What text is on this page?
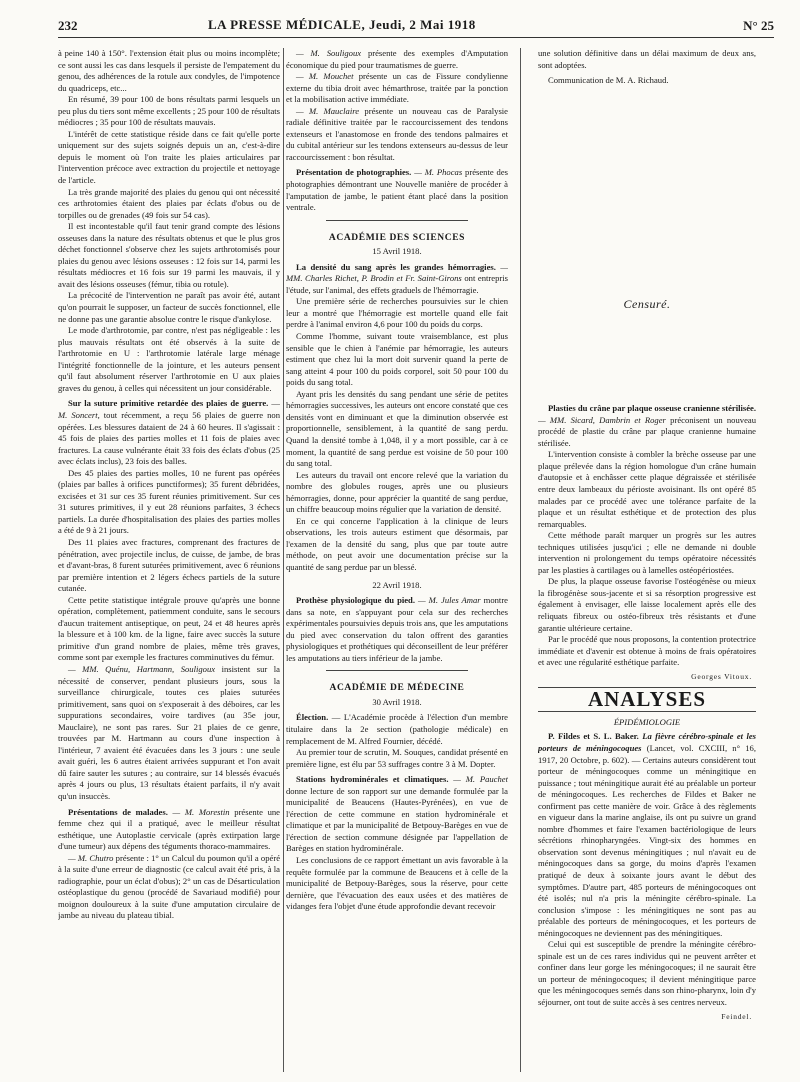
232	LA PRESSE MÉDICALE, Jeudi, 2 Mai 1918	N° 25

à peine 140 à 150°. l'extension était plus ou moins incomplète; ce sont aussi les cas dans lesquels il persiste de l'empatement du genou, des adhérences de la rotule aux condyles, de l'impotence du quadriceps, etc...

En résumé, 39 pour 100 de bons résultats parmi lesquels un peu plus du tiers sont même excellents ; 25 pour 100 de résultats médiocres ; 35 pour 100 de résultats mauvais.

L'intérêt de cette statistique réside dans ce fait qu'elle porte uniquement sur des sujets soignés depuis un an, c'est-à-dire depuis le moment où l'on traite les plaies articulaires par l'intervention précoce avec extraction du projectile et nettoyage de l'article.

La très grande majorité des plaies du genou qui ont nécessité ces arthrotomies étaient des plaies par éclats d'obus ou de torpilles ou de grenades (49 fois sur 54 cas).

Il est incontestable qu'il faut tenir grand compte des lésions osseuses dans la nature des résultats obtenus et que le plus gros déchet fonctionnel s'observe chez les sujets arthrotomisés pour plaies du genou avec lésions osseuses : 12 fois sur 14, parmi les résultats médiocres et 16 fois sur 19 parmi les mauvais, il y avait des lésions osseuses (fémur, tibia ou rotule).

La précocité de l'intervention ne paraît pas avoir été, autant qu'on pourrait le supposer, un facteur de succès fonctionnel, elle ne donne pas une garantie absolue contre le risque d'ankylose.

Le mode d'arthrotomie, par contre, n'est pas négligeable : les plus mauvais résultats ont été observés à la suite de l'arthrotomie en U : l'arthrotomie latérale large ménage l'intégrité fonctionnelle de la jointure, et les auteurs pensent qu'il faut absolument réserver l'arthrotomie en U aux plaies graves du genou, à celles qui nécessitent un jour considérable.

Sur la suture primitive retardée des plaies de guerre. — M. Soncert, tout récemment, a reçu 56 plaies de guerre non opérées. Les blessures dataient de 24 à 60 heures. Il s'agissait : 45 fois de plaies des parties molles et 11 fois de plaies avec fractures. La cause vulnérante était 33 fois des éclats d'obus (25 avec éclats inclus), 23 fois des balles.

Des 45 plaies des parties molles, 10 ne furent pas opérées (plaies par balles à orifices punctiformes); 35 furent débridées, excisées et 31 sur ces 35 furent réunies primitivement. Sur ces 31 sutures primitives, il y eut 28 réunions parfaites, 3 échecs partiels. La durée d'hospitalisation des plaies des parties molles a été de 9 à 21 jours.

Des 11 plaies avec fractures, comprenant des fractures de pénétration, avec projectile inclus, de cuisse, de jambe, de bras et d'avant-bras, 8 furent suturées primitivement, avec 6 réunions par première intention et 2 légers échecs partiels de la suture cutanée.

Cette petite statistique intégrale prouve qu'après une bonne opération, complètement, patiemment conduite, sans le secours d'aucun traitement antiseptique, on peut, 24 et 48 heures après la blessure et à 100 km. de la ligne, faire avec succès la suture primitive d'un grand nombre de plaies, même très graves, comme sont par exemple les fractures comminutives du fémur.

— MM. Quénu, Hartmann, Souligoux insistent sur la nécessité de conserver, pendant plusieurs jours, sous la surveillance chirurgicale, toutes ces plaies suturées primitivement, sans quoi on s'exposerait à des déboires, car les suppurations secondaires, voire tardives (au 35e jour, Mauclaire), ne sont pas rares. Sur 21 plaies de ce genre, trouvées par M. Hartmann au cours d'une inspection à l'intérieur, 7 avaient été évacuées dans les 3 jours : une seule avait guéri, les 6 autres étaient arrivées suppurant et l'on avait dû faire sauter les sutures ; au contraire, sur 14 blessés évacués après 4 jours ou plus, 13 résultats étaient parfaits, il n'y avait qu'un insuccès.

Présentations de malades. — M. Morestin présente une femme chez qui il a pratiqué, avec le meilleur résultat esthétique, une Autoplastie cervicale (après extirpation large d'une tumeur) aux dépens des téguments thoraco-mammaires.

— M. Chutro présente : 1° un Calcul du poumon qu'il a opéré à la suite d'une erreur de diagnostic (ce calcul avait été pris, à la radiographie, pour un éclat d'obus); 2° un cas de Désarticulation ostéoplastique du genou (procédé de Savariaud modifié) pour moignon douloureux à la suite d'une amputation circulaire de jambe au niveau du plateau tibial.

— M. Souligoux présente des exemples d'Amputation économique du pied pour traumatismes de guerre.

— M. Mouchet présente un cas de Fissure condylienne externe du tibia droit avec hémarthrose, traitée par la ponction et la mobilisation active immédiate.

— M. Mauclaire présente un nouveau cas de Paralysie radiale définitive traitée par le raccourcissement des tendons extenseurs et l'anastomose en fronde des tendons palmaires et du cubital antérieur sur les tendons extenseurs au-dessus de leur raccourcissement : bon résultat.

Présentation de photographies. — M. Phocas présente des photographies démontrant une Nouvelle manière de procéder à l'amputation de jambe, le patient étant placé dans la position ventrale.

ACADÉMIE DES SCIENCES
15 Avril 1918.

La densité du sang après les grandes hémorragies. — MM. Charles Richet, P. Brodin et Fr. Saint-Girons ont entrepris l'étude, sur l'animal, des effets graduels de l'hémorragie.

Une première série de recherches poursuivies sur le chien leur a montré que l'hémorragie est mortelle quand elle fait perdre à l'animal environ 4,6 pour 100 du poids du corps.

Comme l'homme, suivant toute vraisemblance, est plus sensible que le chien à l'anémie par hémorragie, les auteurs estiment que chez lui la mort doit survenir quand la perte de sang atteint 4 pour 100 du poids corporel, soit 50 pour 100 du poids du sang total.

Ayant pris les densités du sang pendant une série de petites hémorragies successives, les auteurs ont encore constaté que ces densités vont en diminuant et que la diminution observée est proportionnelle, sensiblement, à la quantité de sang perdu. Quand la densité tombe à 1,048, il y a mort possible, car à ce moment, la quantité de sang perdue est voisine de 50 pour 100 du sang total.

Les auteurs du travail ont encore relevé que la variation du nombre des globules rouges, après une ou plusieurs hémorragies, donne, pour apprécier la quantité de sang perdue, un chiffre beaucoup moins régulier que la variation de densité.

En ce qui concerne l'application à la clinique de leurs observations, les trois auteurs estiment que désormais, par l'examen de la densité du sang, plus que par toute autre méthode, on peut avoir une documentation précise sur la quantité de sang perdue par un blessé.

22 Avril 1918.

Prothèse physiologique du pied. — M. Jules Amar montre dans sa note, en s'appuyant pour cela sur des recherches expérimentales poursuivies depuis trois ans, que les amputations du pied avec conservation du talon offrent des garanties physiologiques et prothétiques qui déconseillent de leur préférer les amputations au tiers inférieur de la jambe.

ACADÉMIE DE MÉDECINE
30 Avril 1918.

Élection. — L'Académie procède à l'élection d'un membre titulaire dans la 2e section (pathologie médicale) en remplacement de M. Alfred Fournier, décédé.

Au premier tour de scrutin, M. Souques, candidat présenté en première ligne, est élu par 53 suffrages contre 3 à M. Dopter.

Stations hydrominérales et climatiques. — M. Pauchet donne lecture de son rapport sur une demande formulée par la municipalité de Beaucens (Hautes-Pyrénées), en vue de l'érection de cette commune en station hydrominérale et climatique et par la municipalité de Betpouy-Barèges en vue de l'érection de section commune désignée par l'appellation de Barèges en station hydrominérale.

Les conclusions de ce rapport émettant un avis favorable à la requête formulée par la commune de Beaucens et à celle de la municipalité de Betpouy-Barèges, sous la réserve, pour cette dernière, que l'évacuation des eaux usées et des matières de vidanges fera l'objet d'une étude approfondie devant recevoir

une solution définitive dans un délai maximum de deux ans, sont adoptées.

Communication de M. A. Richaud.

Censuré.

Plasties du crâne par plaque osseuse cranienne stérilisée. — MM. Sicard, Dambrin et Roger préconisent un nouveau procédé de plastie du crâne par plaque cranienne humaine stérilisée.

L'intervention consiste à combler la brèche osseuse par une plaque prélevée dans la région homologue d'un crâne humain d'autopsie et à enchâsser cette plaque dégraissée et stérilisée entre deux lambeaux du périoste avoisinant. Ils ont opéré 85 malades par ce procédé avec une tolérance parfaite de la plaque et un résultat esthétique et de protection des plus remarquables.

Cette méthode paraît marquer un progrès sur les autres techniques utilisées jusqu'ici ; elle ne demande ni double intervention ni prolongement du temps opératoire nécessités par les plasties à cartilages ou à lamelles ostéopériostées.

De plus, la plaque osseuse favorise l'ostéogénèse ou mieux la fibrogénèse sous-jacente et si sa résorption progressive est également à envisager, elle laisse localement après elle des reliquats fibreux ou ostéo-fibreux très résistants et d'une garantie ultérieure certaine.

Par le procédé que nous proposons, la contention protectrice immédiate et d'avenir est obtenue à moins de frais opératoires et avec une régularité esthétique parfaite.

Georges Vitoux.
ANALYSES
ÉPIDÉMIOLOGIE

P. Fildes et S. L. Baker. La fièvre cérébro-spinale et les porteurs de méningocoques (Lancet, vol. CXCIII, n° 16, 1917, 20 Octobre, p. 602). — Certains auteurs considèrent tout porteur de méningocoques comme un méningitique en puissance ; tout méningitique aurait été au préalable un porteur de méningocoques. Les recherches de Fildes et Baker ne confirment pas cette manière de voir. Grâce à des règlements en vigueur dans la marine anglaise, ils ont pu suivre un grand nombre d'hommes et faire l'examen bactériologique de leurs sécrétions rhinopharyngées. Vingt-six des hommes en observation sont devenus méningitiques ; nul n'avait eu de méningocoques dans sa gorge, du moins d'après l'examen pratiqué de deux à soixante jours avant le début des symptômes. D'autre part, 485 porteurs de méningocoques ont été isolés; nul n'a pris la méningite cérébro-spinale. La conclusion s'impose : les méningitiques ne sont pas au préalable des porteurs de méningocoques, et les porteurs de méningocoques ne deviennent pas des méningitiques.

Celui qui est susceptible de prendre la méningite cérébro-spinale est un de ces rares individus qui ne peuvent arrêter et confiner dans leur gorge les méningocoques; il ne saurait être un porteur de méningocoques; il devient méningitique parce que les méningocoques semés dans son rhino-pharynx, loin d'y séjourner, ont tout de suite accès à ses centres nerveux.

Feindel.
